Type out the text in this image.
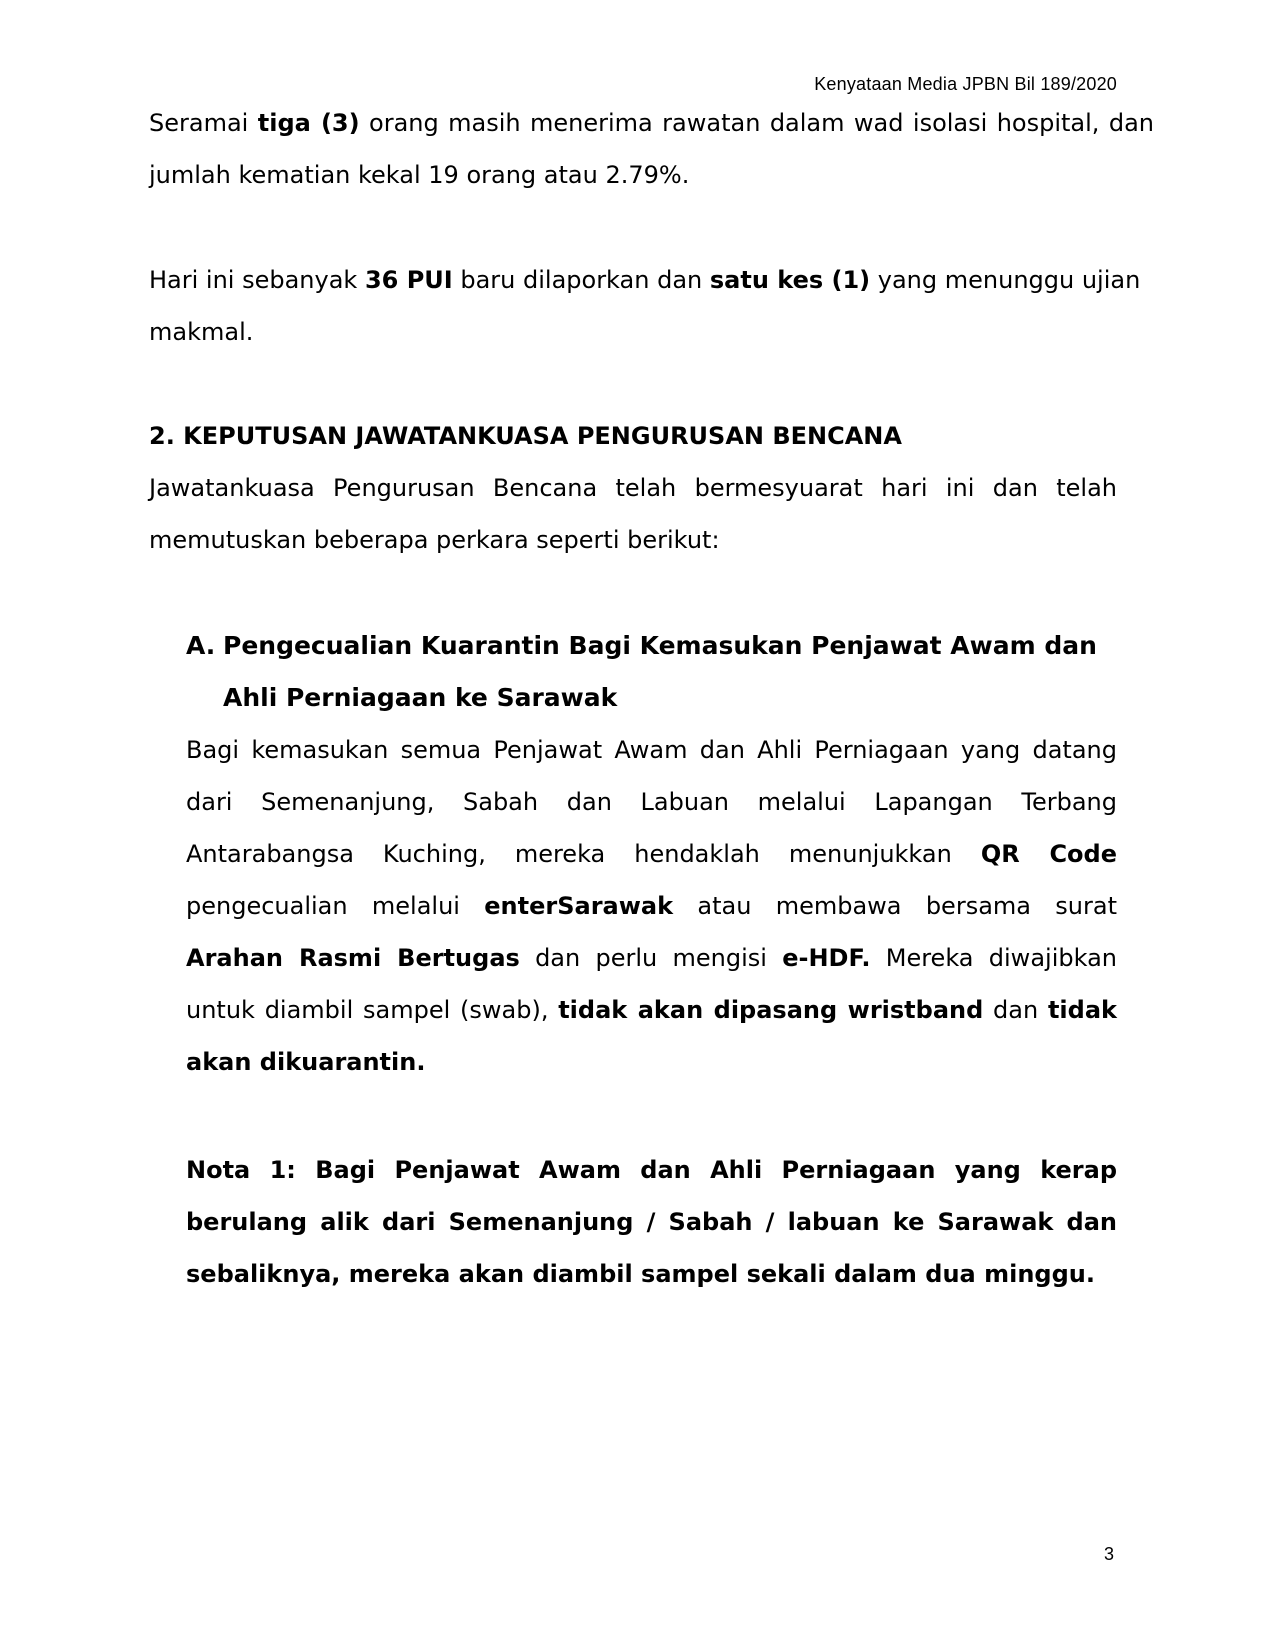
Kenyataan Media JPBN Bil 189/2020

Seramai tiga (3) orang masih menerima rawatan dalam wad isolasi hospital, dan jumlah kematian kekal 19 orang atau 2.79%.

Hari ini sebanyak 36 PUI baru dilaporkan dan satu kes (1) yang menunggu ujian makmal.

2. KEPUTUSAN JAWATANKUASA PENGURUSAN BENCANA

Jawatankuasa Pengurusan Bencana telah bermesyuarat hari ini dan telah memutuskan beberapa perkara seperti berikut:

A. Pengecualian Kuarantin Bagi Kemasukan Penjawat Awam dan
Ahli Perniagaan ke Sarawak

Bagi kemasukan semua Penjawat Awam dan Ahli Perniagaan yang datang dari Semenanjung, Sabah dan Labuan melalui Lapangan Terbang Antarabangsa Kuching, mereka hendaklah menunjukkan QR Code pengecualian melalui enterSarawak atau membawa bersama surat Arahan Rasmi Bertugas dan perlu mengisi e-HDF. Mereka diwajibkan untuk diambil sampel (swab), tidak akan dipasang wristband dan tidak akan dikuarantin.

Nota 1: Bagi Penjawat Awam dan Ahli Perniagaan yang kerap berulang alik dari Semenanjung / Sabah / labuan ke Sarawak dan sebaliknya, mereka akan diambil sampel sekali dalam dua minggu.

3
